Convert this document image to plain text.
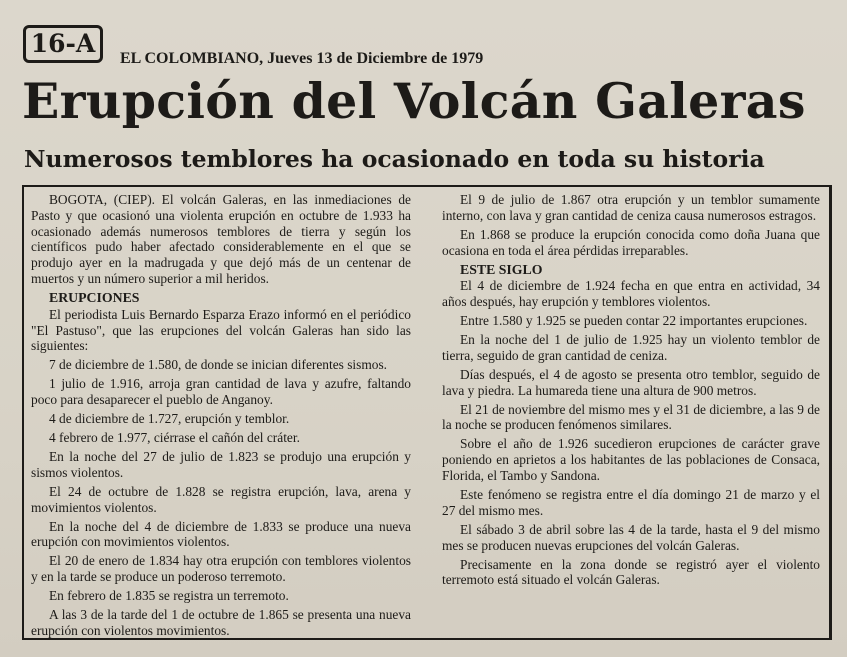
16-A
EL COLOMBIANO, Jueves 13 de Diciembre de 1979
Erupción del Volcán Galeras
Numerosos temblores ha ocasionado en toda su historia

BOGOTA, (CIEP). El volcán Galeras, en las inmediaciones de Pasto y que ocasionó una violenta erupción en octubre de 1.933 ha ocasionado además numerosos temblores de tierra y según los científicos pudo haber afectado considerablemente en el que se produjo ayer en la madrugada y que dejó más de un centenar de muertos y un número superior a mil heridos.

ERUPCIONES

El periodista Luis Bernardo Esparza Erazo informó en el periódico "El Pastuso", que las erupciones del volcán Galeras han sido las siguientes:

7 de diciembre de 1.580, de donde se inician diferentes sismos.

1 julio de 1.916, arroja gran cantidad de lava y azufre, faltando poco para desaparecer el pueblo de Anganoy.

4 de diciembre de 1.727, erupción y temblor.

4 febrero de 1.977, ciérrase el cañón del cráter.

En la noche del 27 de julio de 1.823 se produjo una erupción y sismos violentos.

El 24 de octubre de 1.828 se registra erupción, lava, arena y movimientos violentos.

En la noche del 4 de diciembre de 1.833 se produce una nueva erupción con movimientos violentos.

El 20 de enero de 1.834 hay otra erupción con temblores violentos y en la tarde se produce un poderoso terremoto.

En febrero de 1.835 se registra un terremoto.

A las 3 de la tarde del 1 de octubre de 1.865 se presenta una nueva erupción con violentos movimientos.

El 9 de julio de 1.867 otra erupción y un temblor sumamente interno, con lava y gran cantidad de ceniza causa numerosos estragos.

En 1.868 se produce la erupción conocida como doña Juana que ocasiona en toda el área pérdidas irreparables.

ESTE SIGLO

El 4 de diciembre de 1.924 fecha en que entra en actividad, 34 años después, hay erupción y temblores violentos.

Entre 1.580 y 1.925 se pueden contar 22 importantes erupciones.

En la noche del 1 de julio de 1.925 hay un violento temblor de tierra, seguido de gran cantidad de ceniza.

Días después, el 4 de agosto se presenta otro temblor, seguido de lava y piedra. La humareda tiene una altura de 900 metros.

El 21 de noviembre del mismo mes y el 31 de diciembre, a las 9 de la noche se producen fenómenos similares.

Sobre el año de 1.926 sucedieron erupciones de carácter grave poniendo en aprietos a los habitantes de las poblaciones de Consaca, Florida, el Tambo y Sandona.

Este fenómeno se registra entre el día domingo 21 de marzo y el 27 del mismo mes.

El sábado 3 de abril sobre las 4 de la tarde, hasta el 9 del mismo mes se producen nuevas erupciones del volcán Galeras.

Precisamente en la zona donde se registró ayer el violento terremoto está situado el volcán Galeras.
